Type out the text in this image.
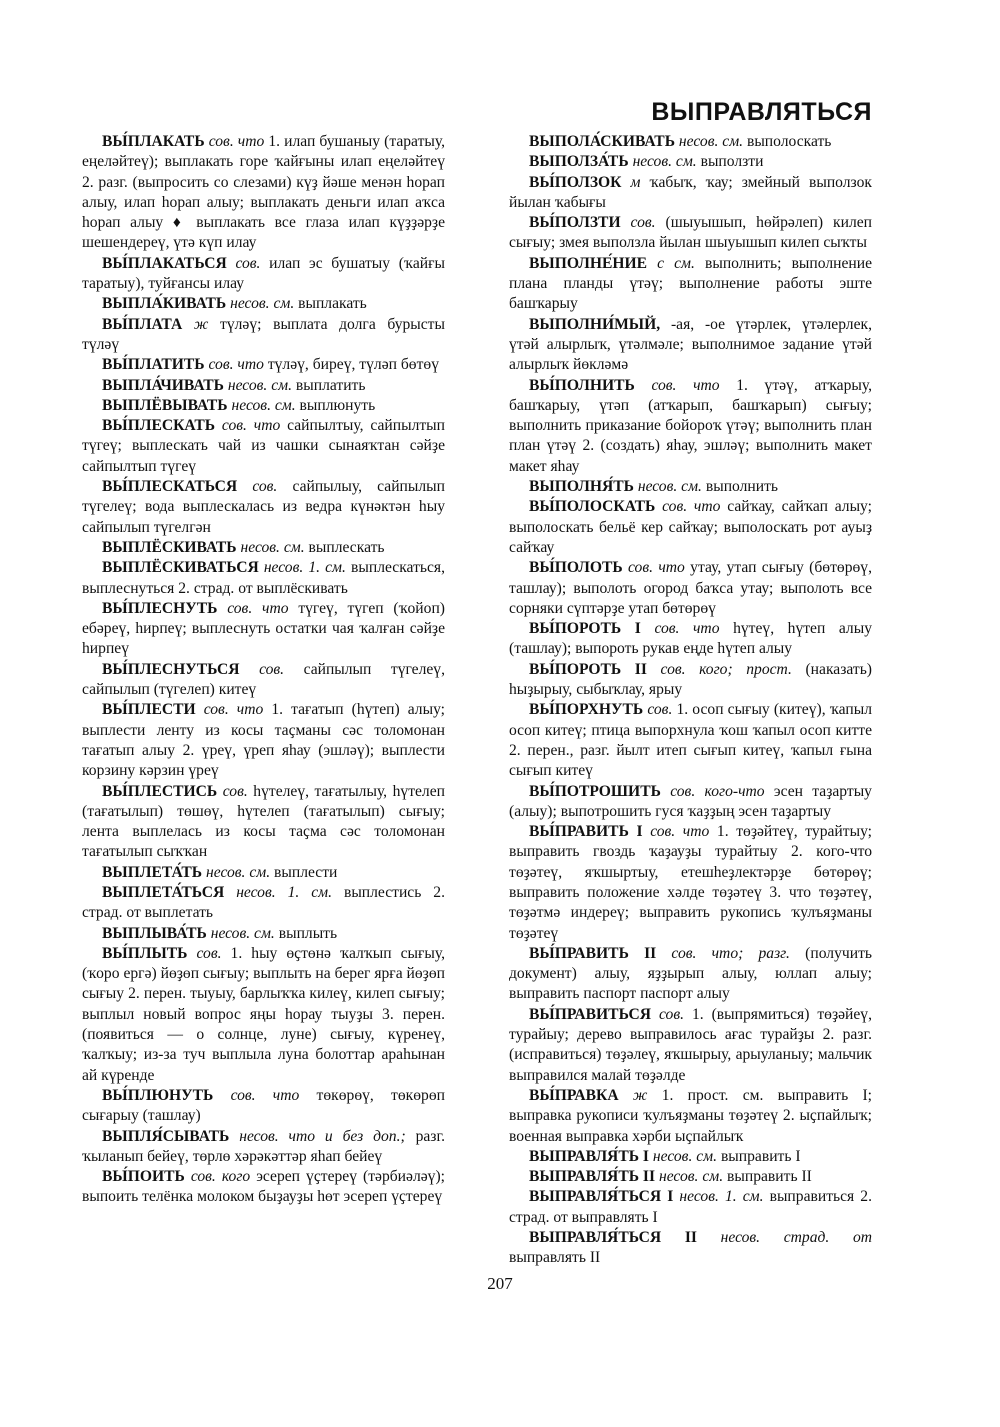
ВЫПРАВЛЯТЬСЯ

ВЫ́ПЛАКАТЬ сов. что 1. илап бушаныу (таратыу, еңеләйтеү); выплакать горе ҡайғыны илап еңеләйтеү 2. разг. (выпросить со слезами) күҙ йәше менән һорап алыу, илап һорап алыу; выплакать деньги илап аҡса һорап алыу ♦ выплакать все глаза илап күҙҙәрҙе шешендереү, үтә күп илау

ВЫ́ПЛАКАТЬСЯ сов. илап эс бушатыу (ҡайғы таратыу), туйғансы илау

ВЫПЛА́КИВАТЬ несов. см. выплакать

ВЫ́ПЛАТА ж түләү; выплата долга бурысты түләү

ВЫ́ПЛАТИТЬ сов. что түләү, биреү, түләп бөтөү

ВЫПЛА́ЧИВАТЬ несов. см. выплатить

ВЫПЛЁВЫВАТЬ несов. см. выплюнуть

ВЫ́ПЛЕСКАТЬ сов. что сайпылтыу, сайпылтып түгеү; выплескать чай из чашки сынаяҡтан сәйҙе сайпылтып түгеү

ВЫ́ПЛЕСКАТЬСЯ сов. сайпылыу, сайпылып түгелеү; вода выплескалась из ведра күнәктән һыу сайпылып түгелгән

ВЫПЛЁСКИВАТЬ несов. см. выплескать

ВЫПЛЁСКИВАТЬСЯ несов. 1. см. выплескаться, выплеснуться 2. страд. от выплёскивать

ВЫ́ПЛЕСНУТЬ сов. что түгеү, түгеп (ҡойоп) ебәреү, һирпеү; выплеснуть остатки чая ҡалған сәйҙе һирпеү

ВЫ́ПЛЕСНУТЬСЯ сов. сайпылып түгелеү, сайпылып (түгелеп) китеү

ВЫ́ПЛЕСТИ сов. что 1. тағатып (һүтеп) алыу; выплести ленту из косы таҫманы сәс толомонан тағатып алыу 2. үреү, үреп яһау (эшләү); выплести корзину кәрзин үреү

ВЫ́ПЛЕСТИСЬ сов. һүтелеү, тағатылыу, һүтелеп (тағатылып) төшөү, һүтелеп (тағатылып) сығыу; лента выплелась из косы таҫма сәс толомонан тағатылып сыҡҡан

ВЫПЛЕТА́ТЬ несов. см. выплести

ВЫПЛЕТА́ТЬСЯ несов. 1. см. выплестись 2. страд. от выплетать

ВЫПЛЫВА́ТЬ несов. см. выплыть

ВЫ́ПЛЫТЬ сов. 1. һыу өҫтөнә ҡалҡып сығыу, (ҡоро ергә) йөҙөп сығыу; выплыть на берег ярға йөҙөп сығыу 2. перен. тыуыу, барлыҡҡа килеү, килеп сығыу; выплыл новый вопрос яңы һорау тыуҙы 3. перен. (появиться — о солнце, луне) сығыу, күренеү, ҡалҡыу; из-за туч выплыла луна болоттар араһынан ай күренде

ВЫ́ПЛЮНУТЬ сов. что төкөрөү, төкөрөп сығарыу (ташлау)

ВЫПЛЯ́СЫВАТЬ несов. что и без доп.; разг. ҡыланып бейеү, төрлө хәрәкәттәр яһап бейеү

ВЫ́ПОИТЬ сов. кого эсереп үҫтереү (тәрбиәләү); выпоить телёнка молоком быҙауҙы һөт эсереп үҫтереү

ВЫПОЛА́СКИВАТЬ несов. см. выполоскать

ВЫПОЛЗА́ТЬ несов. см. выползти

ВЫ́ПОЛЗОК м ҡабыҡ, ҡау; змейный выползок йылан ҡабығы

ВЫ́ПОЛЗТИ сов. (шыуышып, һөйрәлеп) килеп сығыу; змея выползла йылан шыуышып килеп сыҡты

ВЫПОЛНЕ́НИЕ с см. выполнить; выполнение плана планды үтәү; выполнение работы эште башҡарыу

ВЫПОЛНИ́МЫЙ, -ая, -ое үтәрлек, үтәлерлек, үтәй алырлыҡ, үтәлмәле; выполнимое задание үтәй алырлыҡ йөкләмә

ВЫ́ПОЛНИТЬ сов. что 1. үтәү, атҡарыу, башҡарыу, үтәп (атҡарып, башҡарып) сығыу; выполнить приказание бойороҡ үтәү; выполнить план план үтәү 2. (создать) яһау, эшләү; выполнить макет макет яһау

ВЫПОЛНЯ́ТЬ несов. см. выполнить

ВЫ́ПОЛОСКАТЬ сов. что сайҡау, сайҡап алыу; выполоскать бельё кер сайҡау; выполоскать рот ауыҙ сайҡау

ВЫ́ПОЛОТЬ сов. что утау, утап сығыу (бөтөрөү, ташлау); выполоть огород баҡса утау; выполоть все сорняки сүптәрҙе утап бөтөрөү

ВЫ́ПОРОТЬ I сов. что һүтеү, һүтеп алыу (ташлау); выпороть рукав еңде һүтеп алыу

ВЫ́ПОРОТЬ II сов. кого; прост. (наказать) һыҙырыу, сыбыҡлау, ярыу

ВЫ́ПОРХНУТЬ сов. 1. осоп сығыу (китеү), ҡапыл осоп китеү; птица выпорхнула ҡош ҡапыл осоп китте 2. перен., разг. йылт итеп сығып китеү, ҡапыл ғына сығып китеү

ВЫ́ПОТРОШИТЬ сов. кого-что эсен таҙартыу (алыу); выпотрошить гуся ҡаҙҙың эсен таҙартыу

ВЫ́ПРАВИТЬ I сов. что 1. төҙәйтеү, турайтыу; выправить гвоздь ҡаҙауҙы турайтыу 2. кого-что төҙәтеү, яҡшыртыу, етешһеҙлектәрҙе бөтөрөү; выправить положение хәлде төҙәтеү 3. что төҙәтеү, төҙәтмә индереү; выправить рукопись ҡулъяҙманы төҙәтеү

ВЫ́ПРАВИТЬ II сов. что; разг. (получить документ) алыу, яҙҙырып алыу, юллап алыу; выправить паспорт паспорт алыу

ВЫ́ПРАВИТЬСЯ сов. 1. (выпрямиться) төҙәйеү, турайыу; дерево выправилось ағас турайҙы 2. разг. (исправиться) төҙәлеү, яҡшырыу, арыуланыу; мальчик выправился малай төҙәлде

ВЫ́ПРАВКА ж 1. прост. см. выправить I; выправка рукописи ҡулъяҙманы төҙәтеү 2. ыҫпайлыҡ; военная выправка хәрби ыҫпайлыҡ

ВЫПРАВЛЯ́ТЬ I несов. см. выправить I

ВЫПРАВЛЯ́ТЬ II несов. см. выправить II

ВЫПРАВЛЯ́ТЬСЯ I несов. 1. см. выправиться 2. страд. от выправлять I

ВЫПРАВЛЯ́ТЬСЯ II несов. страд. от выправлять II

207
